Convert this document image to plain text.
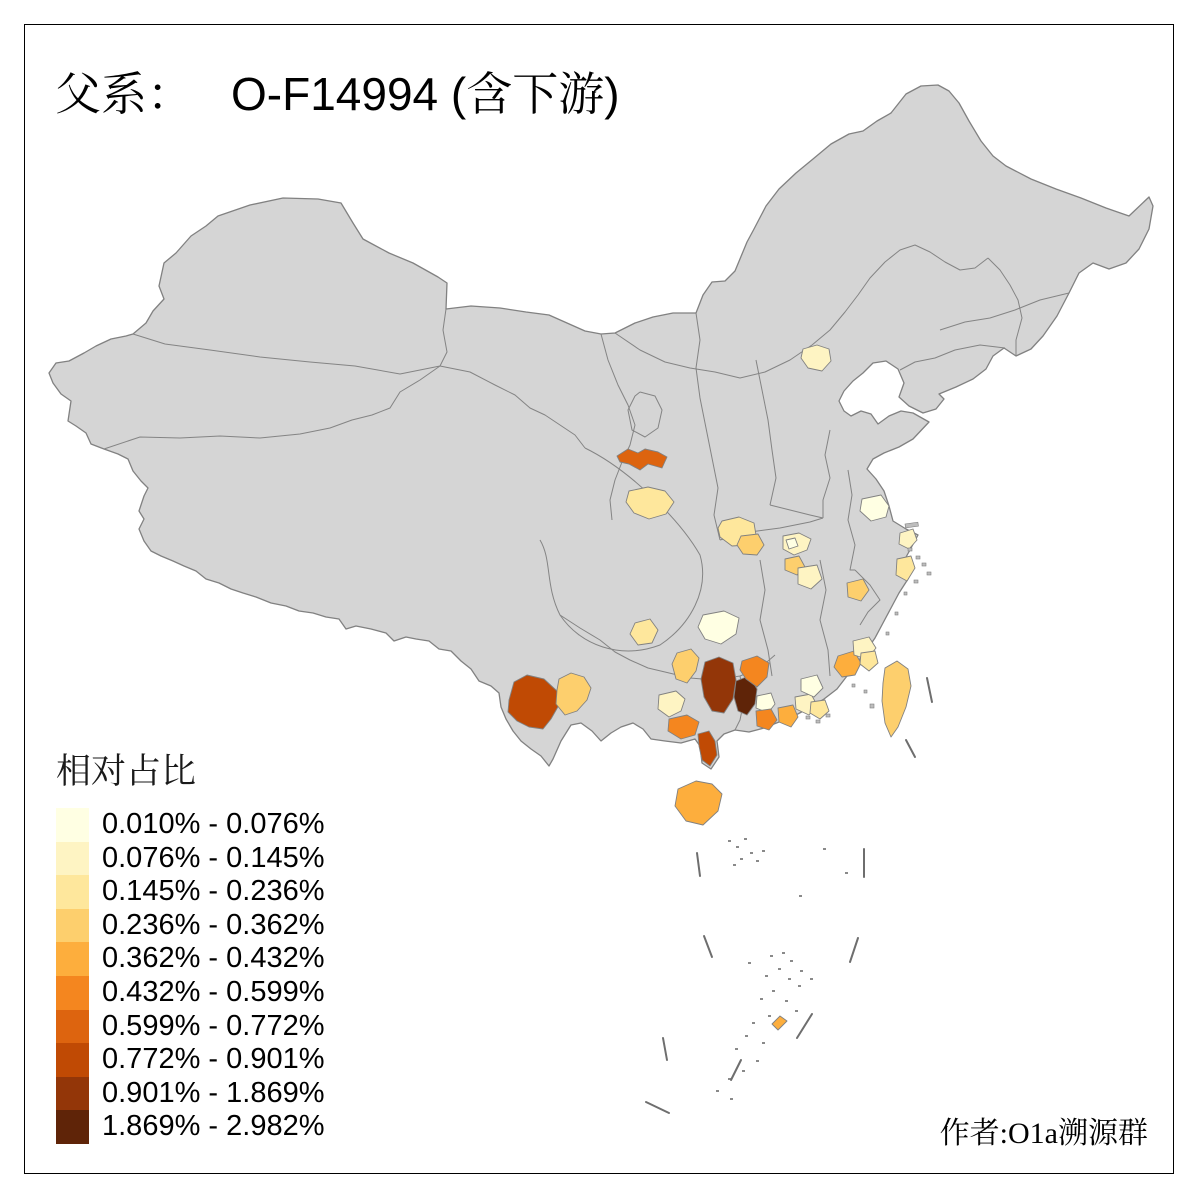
父系： O-F14994 (含下游)
相对占比
0.010% - 0.076%
0.076% - 0.145%
0.145% - 0.236%
0.236% - 0.362%
0.362% - 0.432%
0.432% - 0.599%
0.599% - 0.772%
0.772% - 0.901%
0.901% - 1.869%
1.869% - 2.982%	作者:O1a溯源群
